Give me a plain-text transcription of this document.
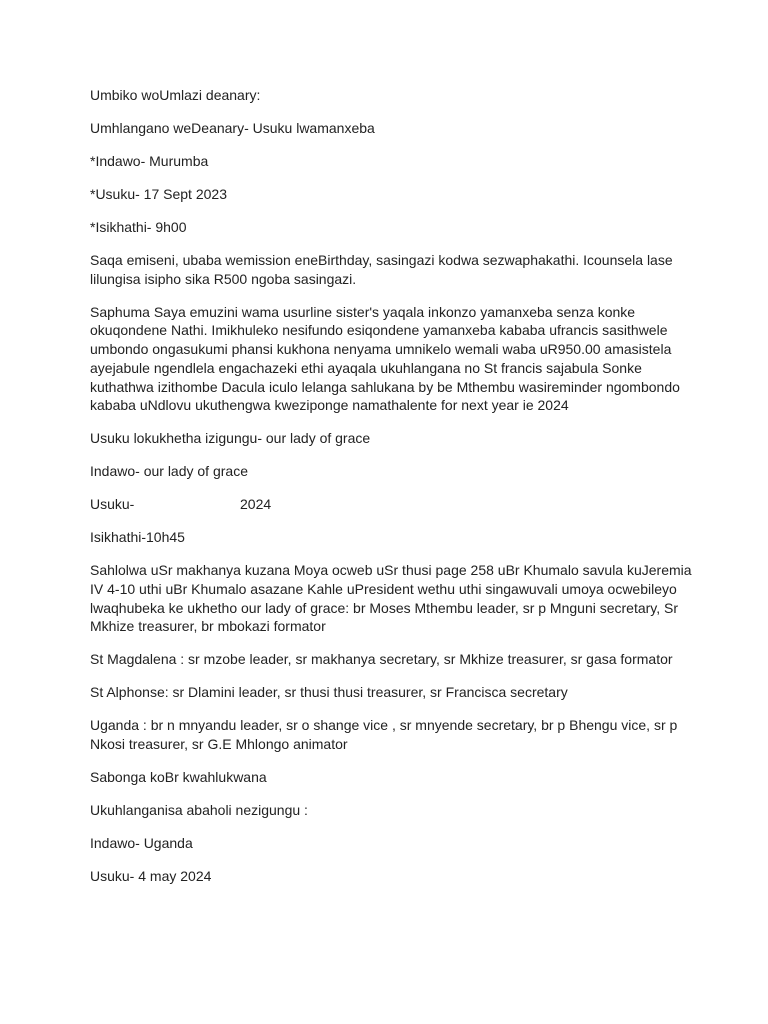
Umbiko woUmlazi deanary:

Umhlangano weDeanary- Usuku lwamanxeba

*Indawo- Murumba

*Usuku- 17 Sept 2023

*Isikhathi- 9h00

Saqa emiseni, ubaba wemission eneBirthday, sasingazi kodwa sezwaphakathi. Icounsela lase lilungisa isipho sika R500 ngoba sasingazi.

Saphuma Saya emuzini wama usurline sister's yaqala inkonzo yamanxeba senza konke okuqondene Nathi. Imikhuleko nesifundo esiqondene yamanxeba kababa ufrancis sasithwele umbondo ongasukumi phansi kukhona nenyama umnikelo wemali waba uR950.00 amasistela ayejabule ngendlela engachazeki ethi ayaqala ukuhlangana no St francis sajabula Sonke kuthathwa izithombe Dacula iculo lelanga sahlukana by be Mthembu wasireminder ngombondo kababa uNdlovu ukuthengwa kweziponge namathalente for next year ie 2024

Usuku lokukhetha izigungu- our lady of grace

Indawo- our lady of grace

Usuku-	2024

Isikhathi-10h45

Sahlolwa uSr makhanya kuzana Moya ocweb uSr thusi page 258 uBr Khumalo savula kuJeremia IV 4-10 uthi uBr Khumalo asazane Kahle uPresident wethu uthi singawuvali umoya ocwebileyo lwaqhubeka ke ukhetho our lady of grace: br Moses Mthembu leader, sr p Mnguni secretary, Sr Mkhize treasurer, br mbokazi formator

St Magdalena : sr mzobe leader, sr makhanya secretary, sr Mkhize treasurer, sr gasa formator

St Alphonse: sr Dlamini leader, sr thusi thusi treasurer, sr Francisca secretary

Uganda : br n mnyandu leader, sr o shange vice , sr mnyende secretary, br p Bhengu vice, sr p Nkosi treasurer, sr G.E Mhlongo animator

Sabonga koBr kwahlukwana

Ukuhlanganisa abaholi nezigungu :

Indawo- Uganda

Usuku- 4 may 2024
